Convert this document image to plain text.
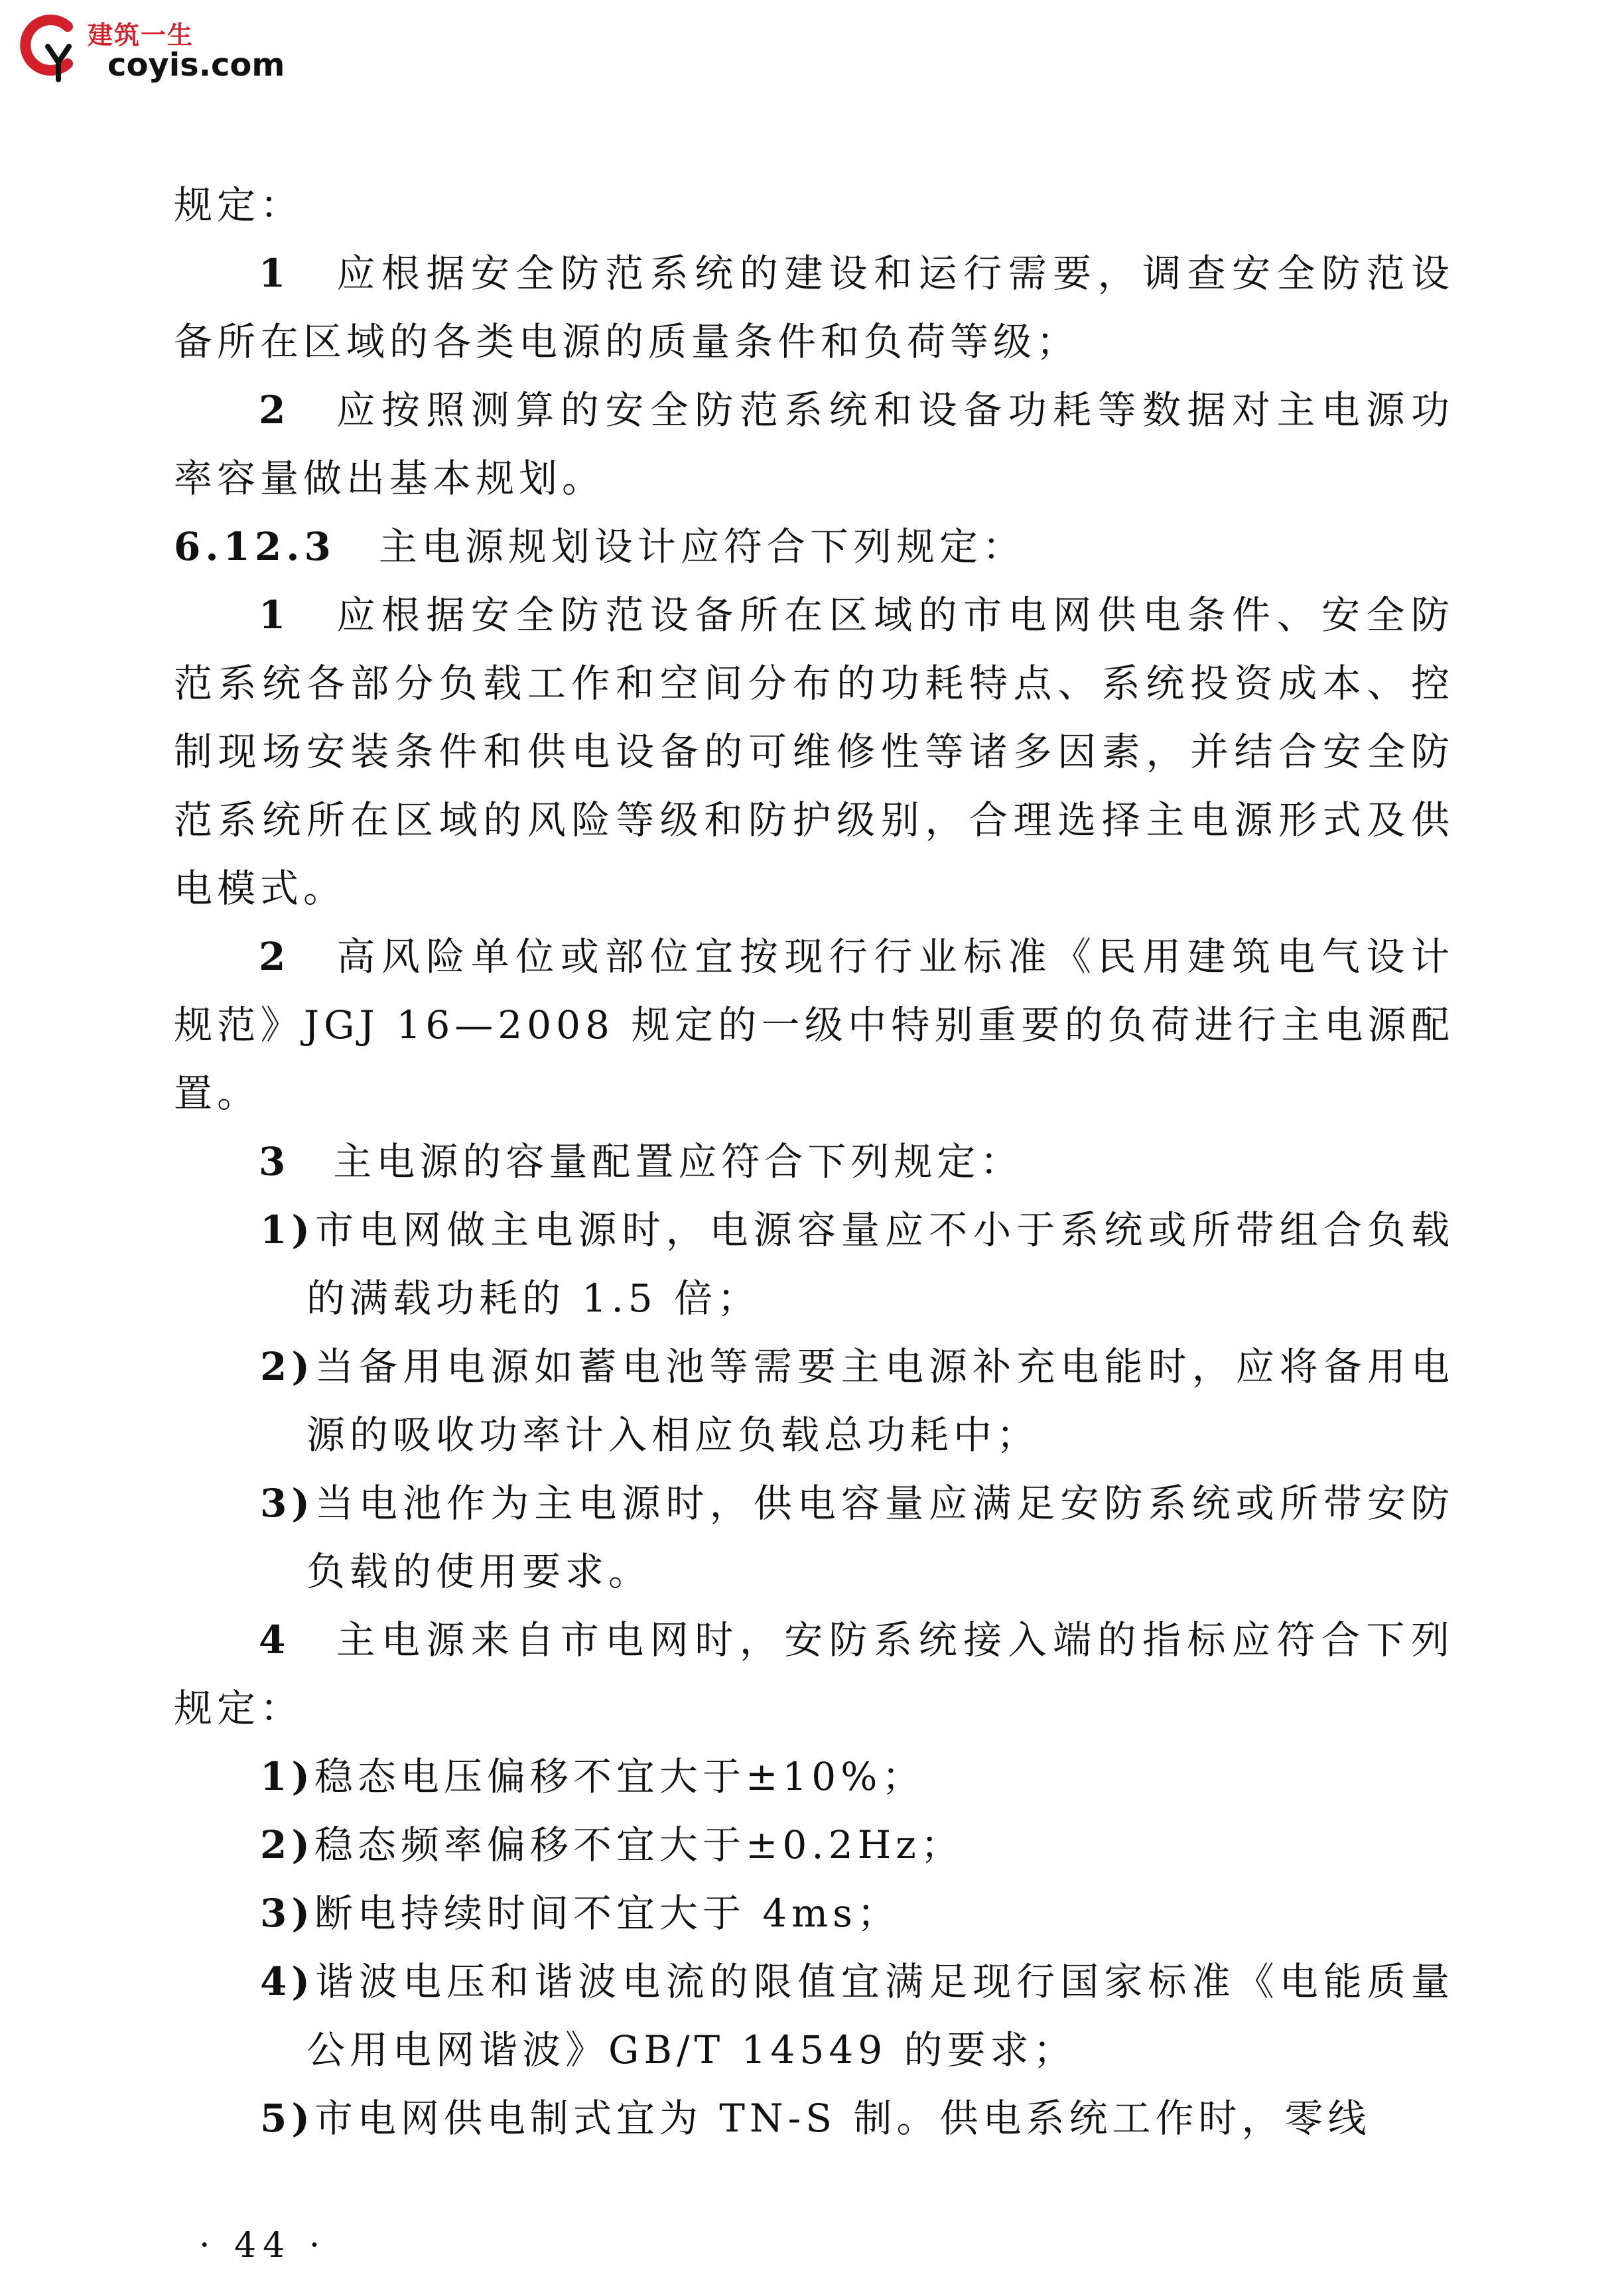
建筑一生
coyis.com

规定：

1　 应根据安全防范系统的建设和运行需要，调查安全防范设备所在区域的各类电源的质量条件和负荷等级；

2　 应按照测算的安全防范系统和设备功耗等数据对主电源功率容量做出基本规划。

6.12.3　 主电源规划设计应符合下列规定：

1　 应根据安全防范设备所在区域的市电网供电条件、安全防范系统各部分负载工作和空间分布的功耗特点、系统投资成本、控制现场安装条件和供电设备的可维修性等诸多因素，并结合安全防范系统所在区域的风险等级和防护级别，合理选择主电源形式及供电模式。

2　 高风险单位或部位宜按现行行业标准《民用建筑电气设计规范》JGJ 16—2008 规定的一级中特别重要的负荷进行主电源配置。

3　 主电源的容量配置应符合下列规定：

1)市电网做主电源时，电源容量应不小于系统或所带组合负载的满载功耗的 1.5 倍；

2)当备用电源如蓄电池等需要主电源补充电能时，应将备用电源的吸收功率计入相应负载总功耗中；

3)当电池作为主电源时，供电容量应满足安防系统或所带安防负载的使用要求。

4　 主电源来自市电网时，安防系统接入端的指标应符合下列规定：

1)稳态电压偏移不宜大于±10%；

2)稳态频率偏移不宜大于±0.2Hz；

3)断电持续时间不宜大于 4ms；

4)谐波电压和谐波电流的限值宜满足现行国家标准《电能质量　公用电网谐波》GB/T 14549 的要求；

5)市电网供电制式宜为 TN-S 制。供电系统工作时，零线

· 44 ·
